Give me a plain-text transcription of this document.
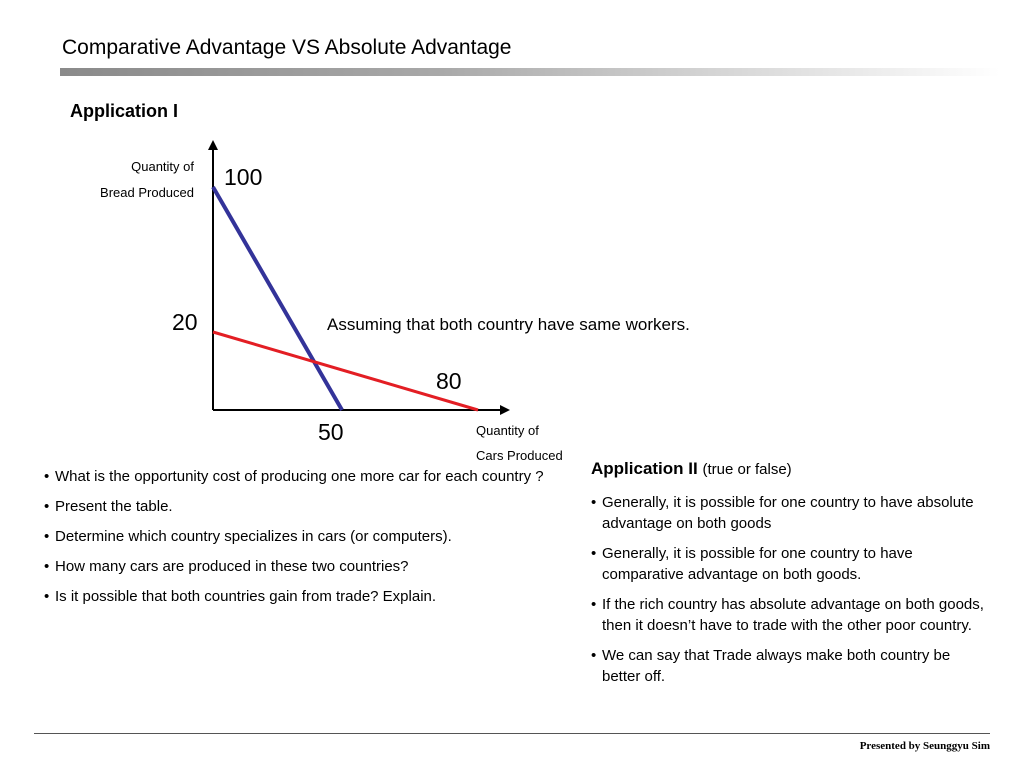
Comparative Advantage VS Absolute Advantage
Application I
Quantity of
Bread Produced
100
20
80
50
Assuming that both country have same workers.
Quantity of
Cars Produced
• What is the opportunity cost of producing one more car for each country ?
• Present the table.
• Determine which country specializes in cars (or computers).
• How many cars are produced in these two countries?
• Is it possible that both countries gain from trade? Explain.
Application II (true or false)
• Generally, it is possible for one country to have absolute advantage on both goods
• Generally, it is possible for one country to have comparative advantage on both goods.
• If the rich country has absolute advantage on both goods, then it doesn’t have to trade with the other poor country.
• We can say that Trade always make both country be better off.
Presented by Seunggyu Sim
